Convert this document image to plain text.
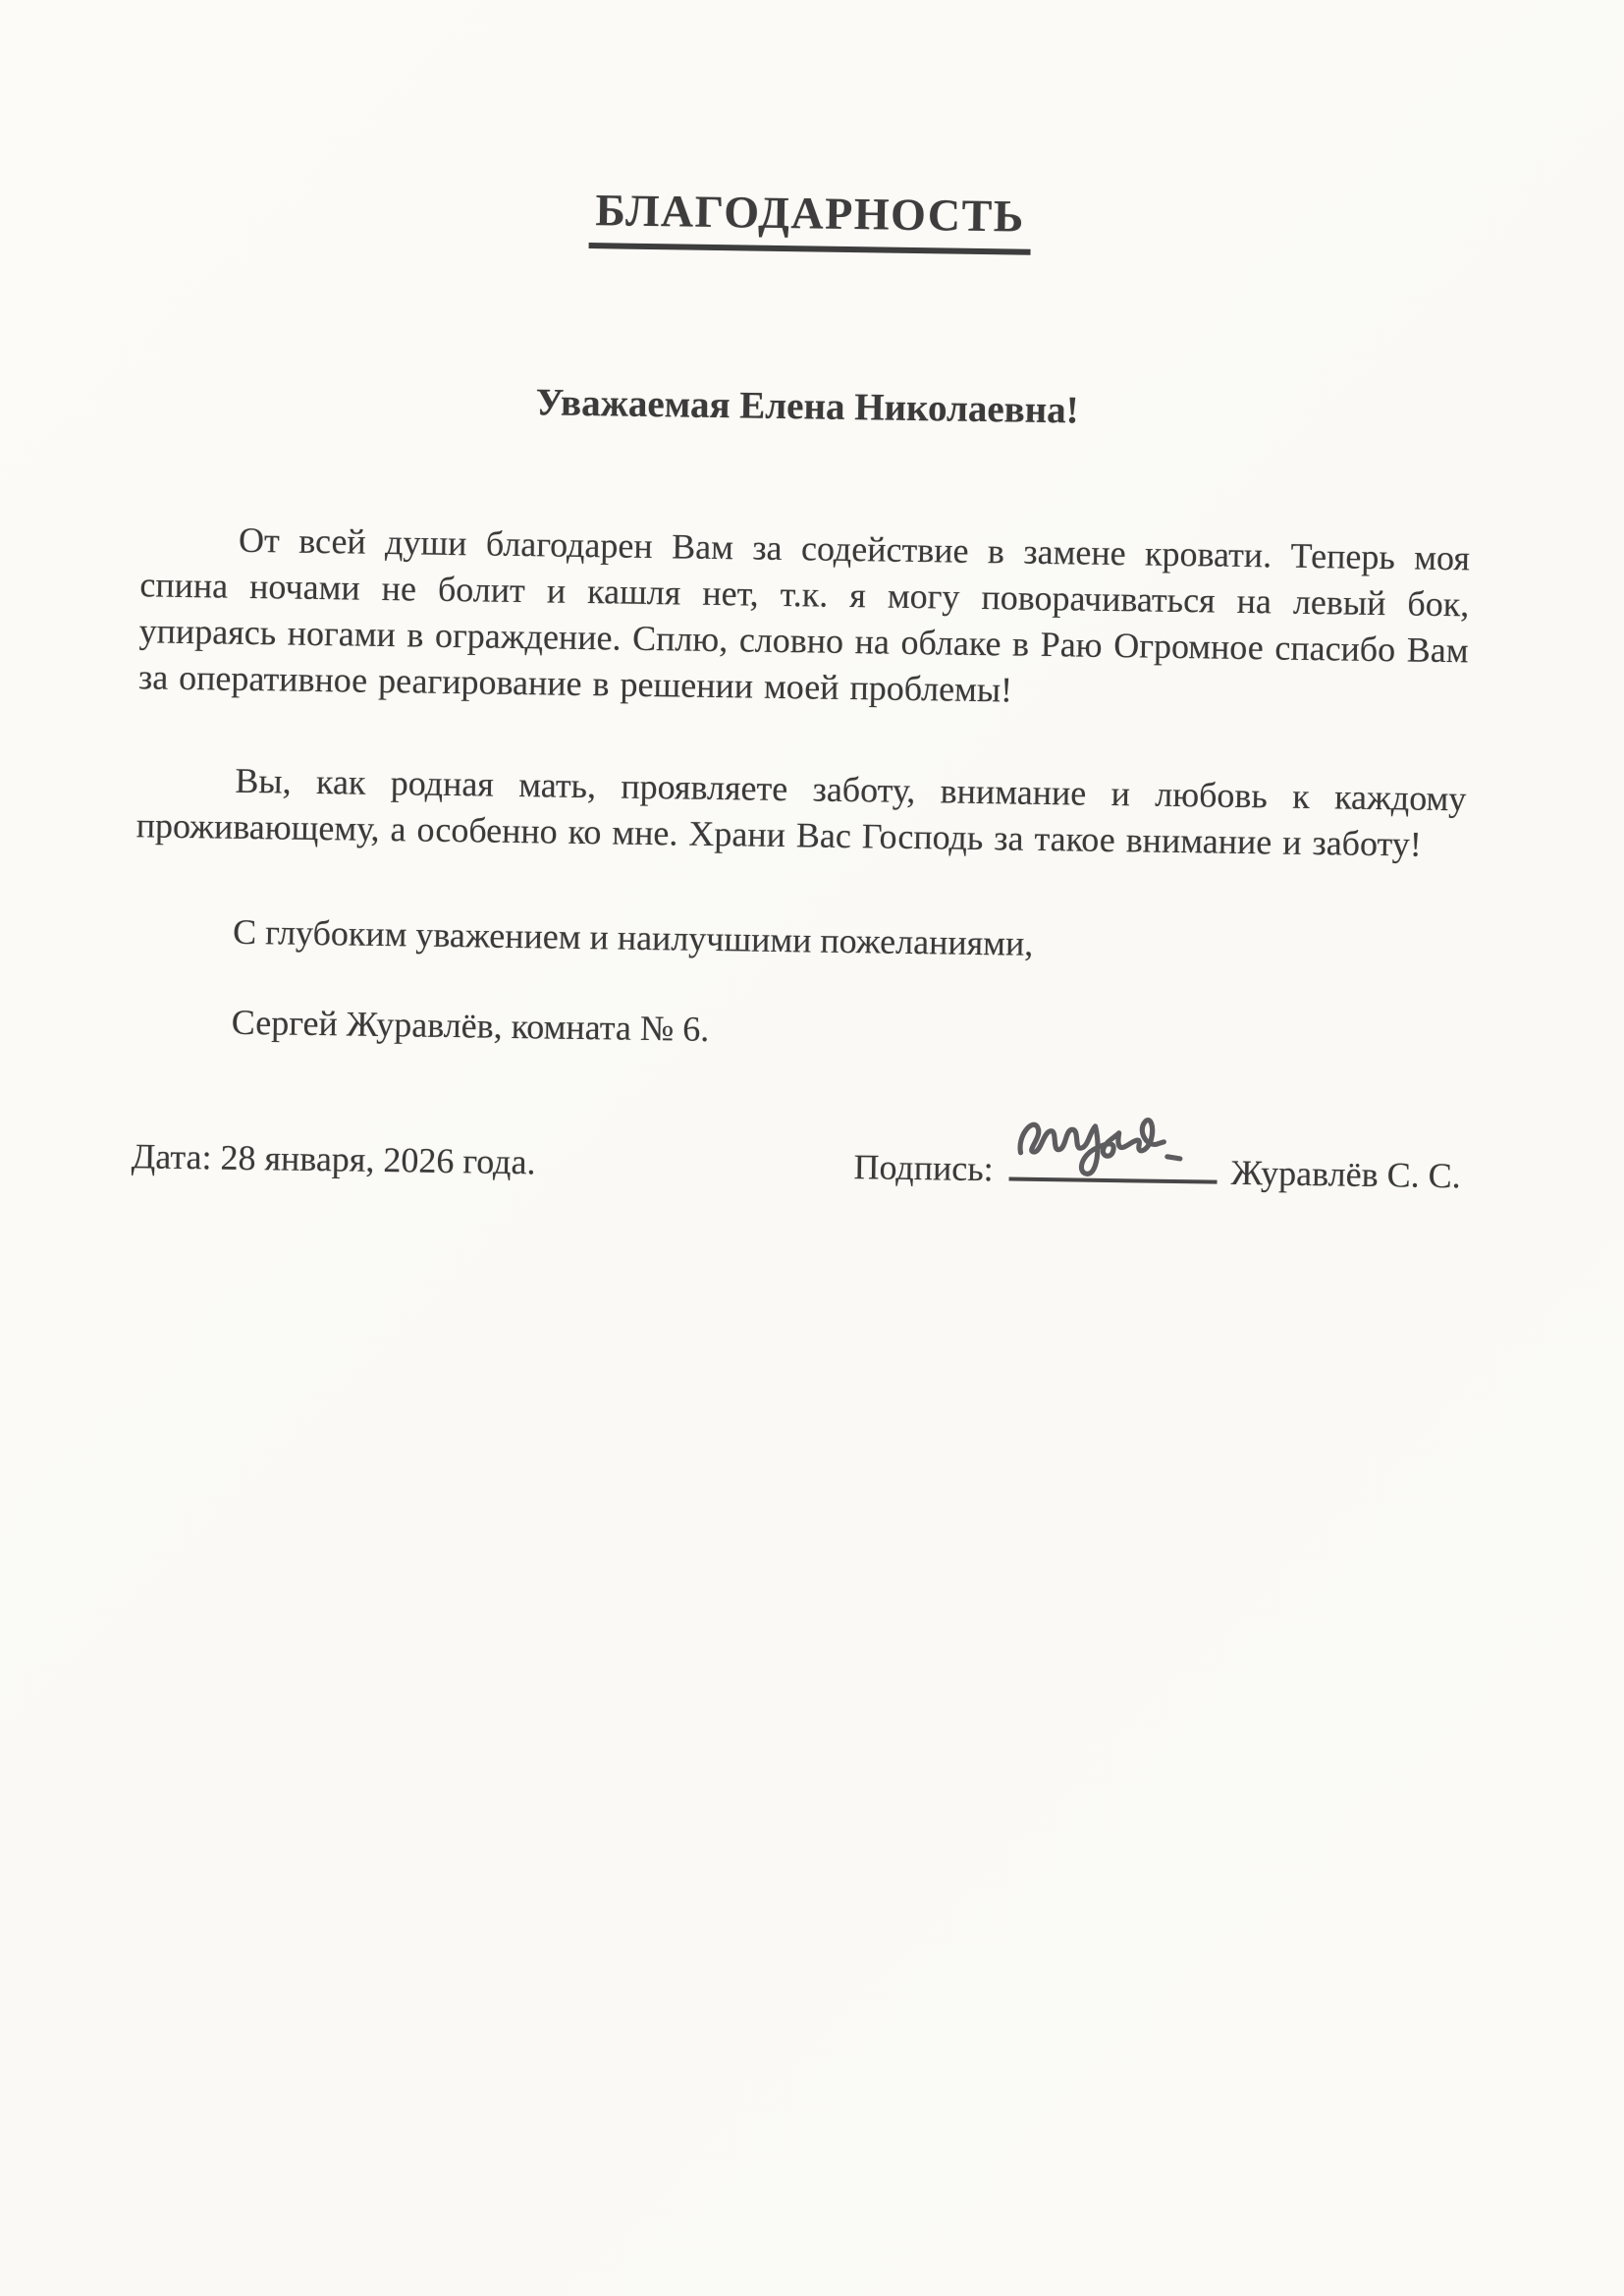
БЛАГОДАРНОСТЬ
Уважаемая Елена Николаевна!

От всей души благодарен Вам за содействие в замене кровати. Теперь моя спина ночами не болит и кашля нет, т.к. я могу поворачиваться на левый бок, упираясь ногами в ограждение. Сплю, словно на облаке в Раю Огромное спасибо Вам за оперативное реагирование в решении моей проблемы!

Вы, как родная мать, проявляете заботу, внимание и любовь к каждому проживающему, а особенно ко мне. Храни Вас Господь за такое внимание и заботу!

С глубоким уважением и наилучшими пожеланиями,

Сергей Журавлёв, комната № 6.

Дата: 28 января, 2026 года.	Подпись:	Журавлёв С. С.
